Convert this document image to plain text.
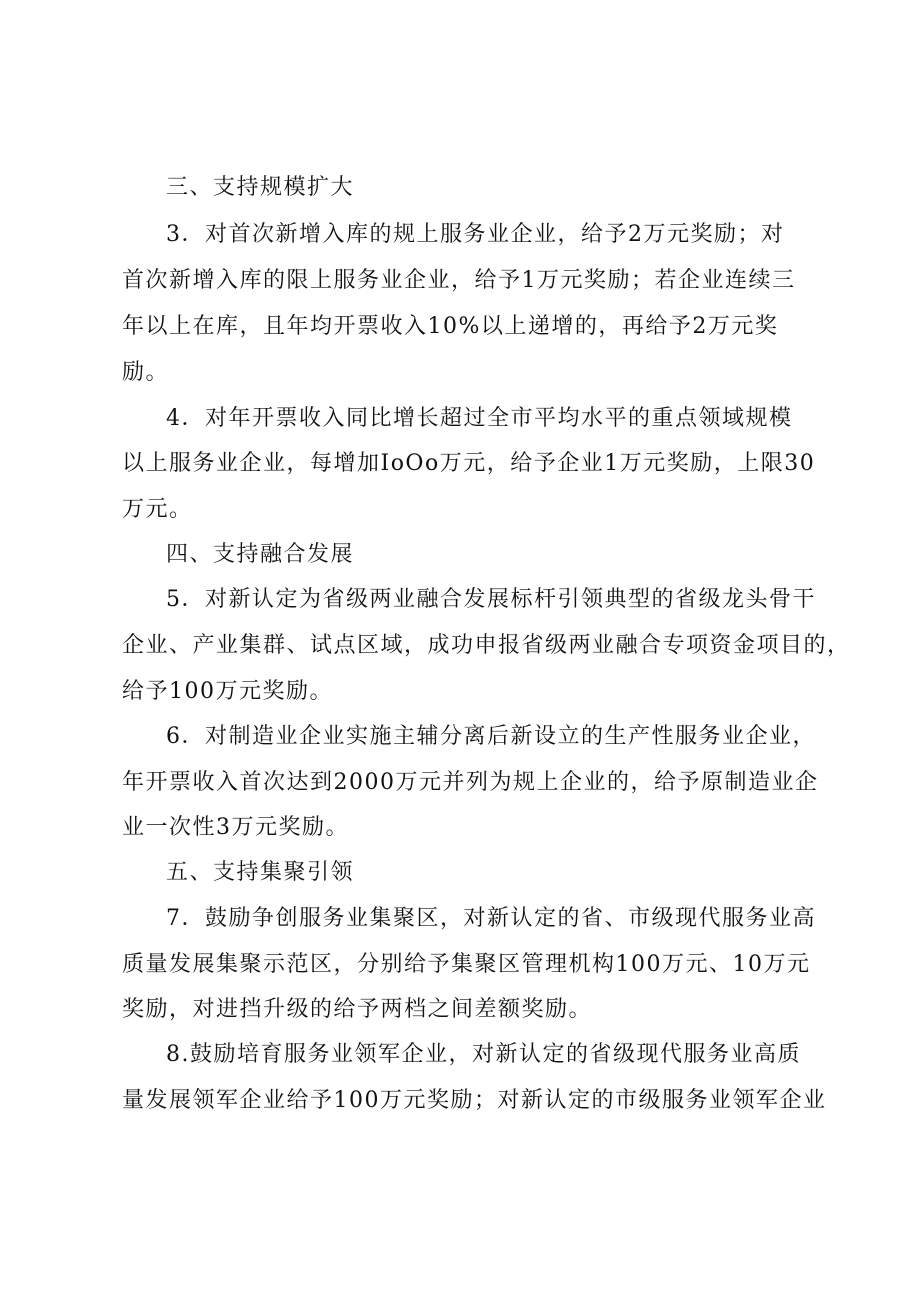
三、支持规模扩大
3．对首次新增入库的规上服务业企业，给予2万元奖励；对
首次新增入库的限上服务业企业，给予1万元奖励；若企业连续三
年以上在库，且年均开票收入10%以上递增的，再给予2万元奖
励。
4．对年开票收入同比增长超过全市平均水平的重点领域规模
以上服务业企业，每增加IoOo万元，给予企业1万元奖励，上限30
万元。
四、支持融合发展
5．对新认定为省级两业融合发展标杆引领典型的省级龙头骨干
企业、产业集群、试点区域，成功申报省级两业融合专项资金项目的，
给予100万元奖励。
6．对制造业企业实施主辅分离后新设立的生产性服务业企业，
年开票收入首次达到2000万元并列为规上企业的，给予原制造业企
业一次性3万元奖励。
五、支持集聚引领
7．鼓励争创服务业集聚区，对新认定的省、市级现代服务业高
质量发展集聚示范区，分别给予集聚区管理机构100万元、10万元
奖励，对进挡升级的给予两档之间差额奖励。
8.鼓励培育服务业领军企业，对新认定的省级现代服务业高质
量发展领军企业给予100万元奖励；对新认定的市级服务业领军企业
